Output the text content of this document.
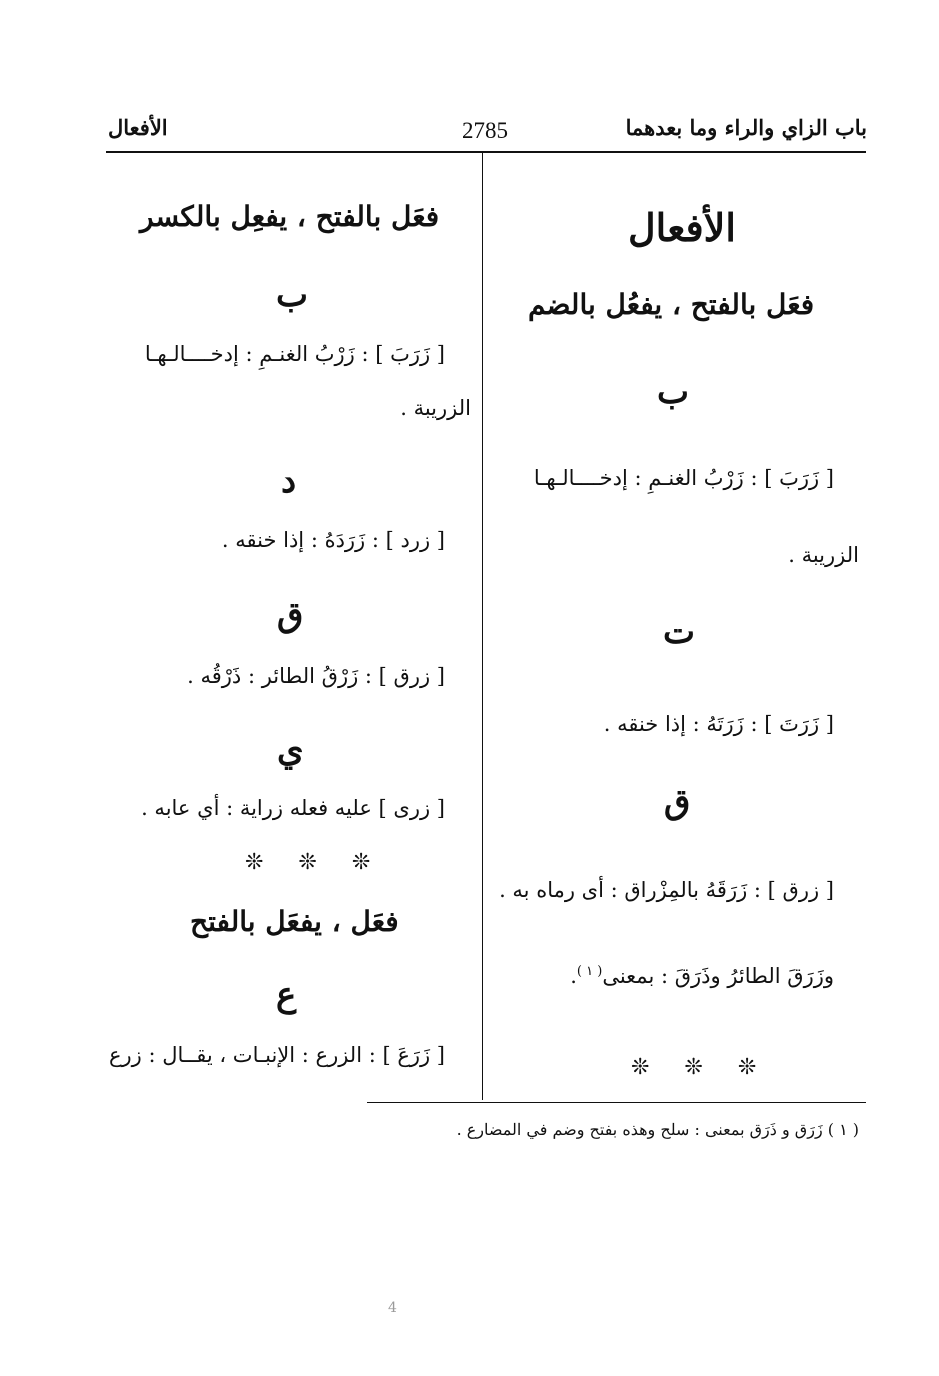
باب الزاي والراء وما بعدهما
2785
الأفعال
الأفعال
فعَل بالفتح ، يفعُل بالضم
ب
[ زَرَبَ ] : زَرْبُ الغنـمِ : إدخــــالـهـا
الزريبة .
ت
[ زَرَتَ ] : زَرَتَهُ : إذا خنقه .
ق
[ زرق ] : زَرَقَهُ بالمِزْراق : أى رماه به .
وزَرَقَ الطائرُ وذَرَقَ : بمعنى$^{( ١ )}$.
❊ ❊ ❊
فعَل بالفتح ، يفعِل بالكسر
ب
[ زَرَبَ ] : زَرْبُ الغنـمِ : إدخــــالـهـا
الزريبة .
د
[ زرد ] : زَرَدَهُ : إذا خنقه .
ق
[ زرق ] : زَرْقُ الطائر : ذَرْقُه .
ي
[ زرى ] عليه فعله زراية : أي عابه .
❊ ❊ ❊
فعَل ، يفعَل بالفتح
ع
[ زَرَعَ ] : الزرع : الإنبـات ، يقــال : زرع
( ١ ) زَرَق و ذَرَق بمعنى : سلح وهذه بفتح وضم في المضارع .
4
